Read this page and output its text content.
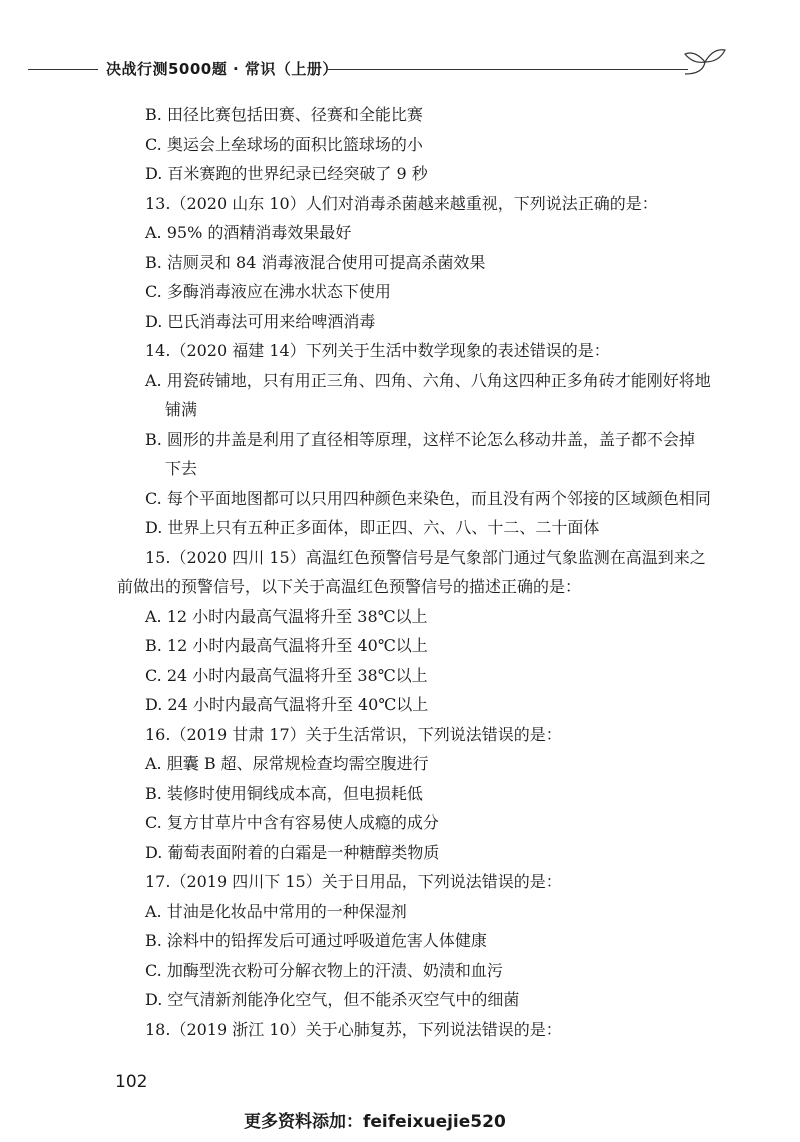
决战行测5000题 · 常识（上册）
B. 田径比赛包括田赛、径赛和全能比赛
C. 奥运会上垒球场的面积比篮球场的小
D. 百米赛跑的世界纪录已经突破了 9 秒
13.（2020 山东 10）人们对消毒杀菌越来越重视，下列说法正确的是：
A. 95% 的酒精消毒效果最好
B. 洁厕灵和 84 消毒液混合使用可提高杀菌效果
C. 多酶消毒液应在沸水状态下使用
D. 巴氏消毒法可用来给啤酒消毒
14.（2020 福建 14）下列关于生活中数学现象的表述错误的是：
A. 用瓷砖铺地，只有用正三角、四角、六角、八角这四种正多角砖才能刚好将地
铺满
B. 圆形的井盖是利用了直径相等原理，这样不论怎么移动井盖，盖子都不会掉
下去
C. 每个平面地图都可以只用四种颜色来染色，而且没有两个邻接的区域颜色相同
D. 世界上只有五种正多面体，即正四、六、八、十二、二十面体
15.（2020 四川 15）高温红色预警信号是气象部门通过气象监测在高温到来之
前做出的预警信号，以下关于高温红色预警信号的描述正确的是：
A. 12 小时内最高气温将升至 38℃以上
B. 12 小时内最高气温将升至 40℃以上
C. 24 小时内最高气温将升至 38℃以上
D. 24 小时内最高气温将升至 40℃以上
16.（2019 甘肃 17）关于生活常识，下列说法错误的是：
A. 胆囊 B 超、尿常规检查均需空腹进行
B. 装修时使用铜线成本高，但电损耗低
C. 复方甘草片中含有容易使人成瘾的成分
D. 葡萄表面附着的白霜是一种糖醇类物质
17.（2019 四川下 15）关于日用品，下列说法错误的是：
A. 甘油是化妆品中常用的一种保湿剂
B. 涂料中的铅挥发后可通过呼吸道危害人体健康
C. 加酶型洗衣粉可分解衣物上的汗渍、奶渍和血污
D. 空气清新剂能净化空气，但不能杀灭空气中的细菌
18.（2019 浙江 10）关于心肺复苏，下列说法错误的是：
102
更多资料添加：feifeixuejie520
